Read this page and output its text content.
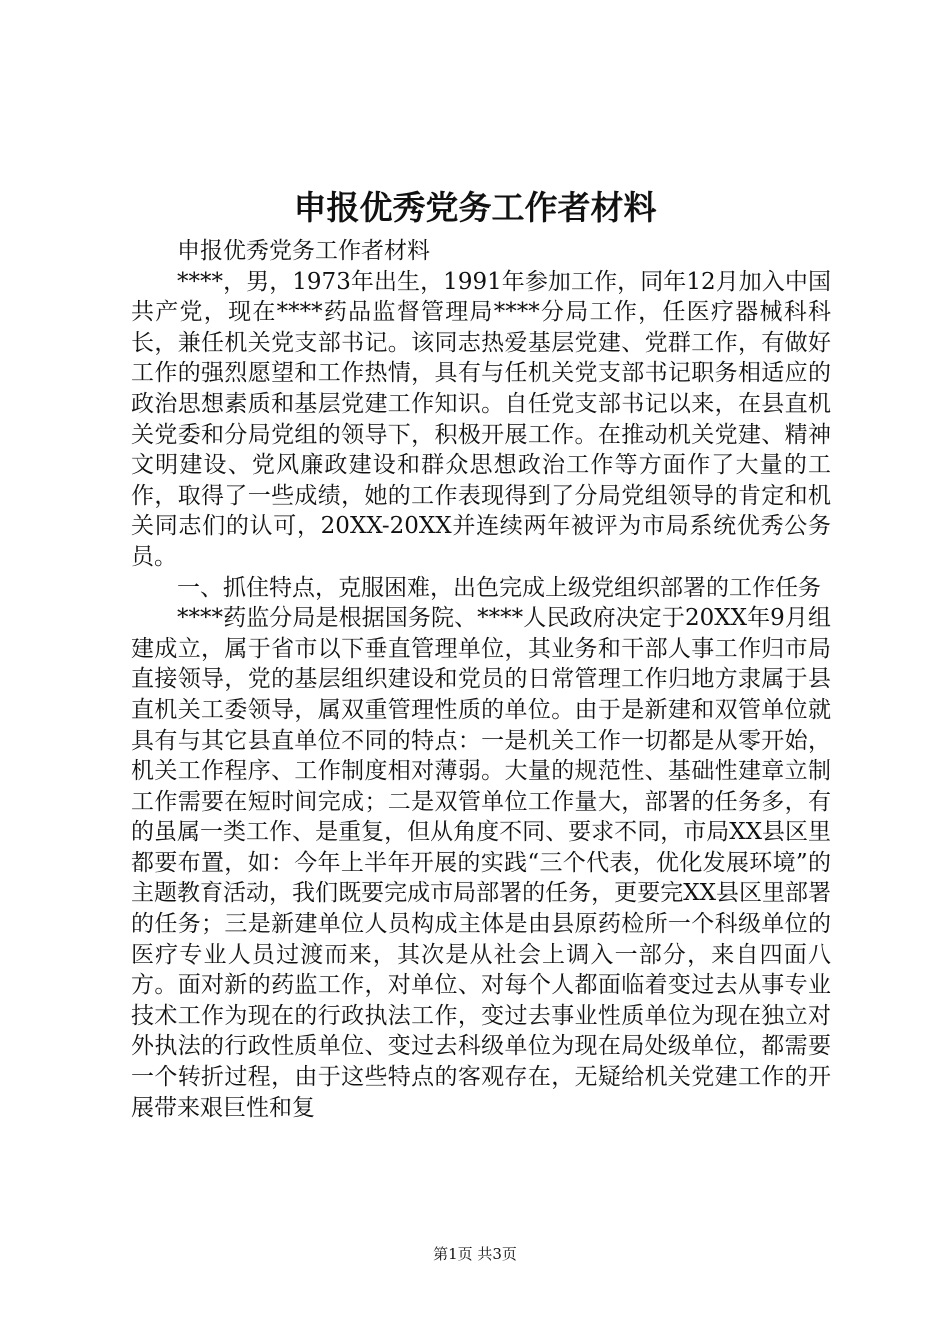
申报优秀党务工作者材料

申报优秀党务工作者材料

****，男，1973年出生，1991年参加工作，同年12月加入中国共产党，现在****药品监督管理局****分局工作，任医疗器械科科长，兼任机关党支部书记。该同志热爱基层党建、党群工作，有做好工作的强烈愿望和工作热情，具有与任机关党支部书记职务相适应的政治思想素质和基层党建工作知识。自任党支部书记以来，在县直机关党委和分局党组的领导下，积极开展工作。在推动机关党建、精神文明建设、党风廉政建设和群众思想政治工作等方面作了大量的工作，取得了一些成绩，她的工作表现得到了分局党组领导的肯定和机关同志们的认可，20XX-20XX并连续两年被评为市局系统优秀公务员。

一、抓住特点，克服困难，出色完成上级党组织部署的工作任务

****药监分局是根据国务院、****人民政府决定于20XX年9月组建成立，属于省市以下垂直管理单位，其业务和干部人事工作归市局直接领导，党的基层组织建设和党员的日常管理工作归地方隶属于县直机关工委领导，属双重管理性质的单位。由于是新建和双管单位就具有与其它县直单位不同的特点：一是机关工作一切都是从零开始，机关工作程序、工作制度相对薄弱。大量的规范性、基础性建章立制工作需要在短时间完成；二是双管单位工作量大，部署的任务多，有的虽属一类工作、是重复，但从角度不同、要求不同，市局XX县区里都要布置，如：今年上半年开展的实践“三个代表，优化发展环境”的主题教育活动，我们既要完成市局部署的任务，更要完XX县区里部署的任务；三是新建单位人员构成主体是由县原药检所一个科级单位的医疗专业人员过渡而来，其次是从社会上调入一部分，来自四面八方。面对新的药监工作，对单位、对每个人都面临着变过去从事专业技术工作为现在的行政执法工作，变过去事业性质单位为现在独立对外执法的行政性质单位、变过去科级单位为现在局处级单位，都需要一个转折过程，由于这些特点的客观存在，无疑给机关党建工作的开展带来艰巨性和复

第1页 共3页
